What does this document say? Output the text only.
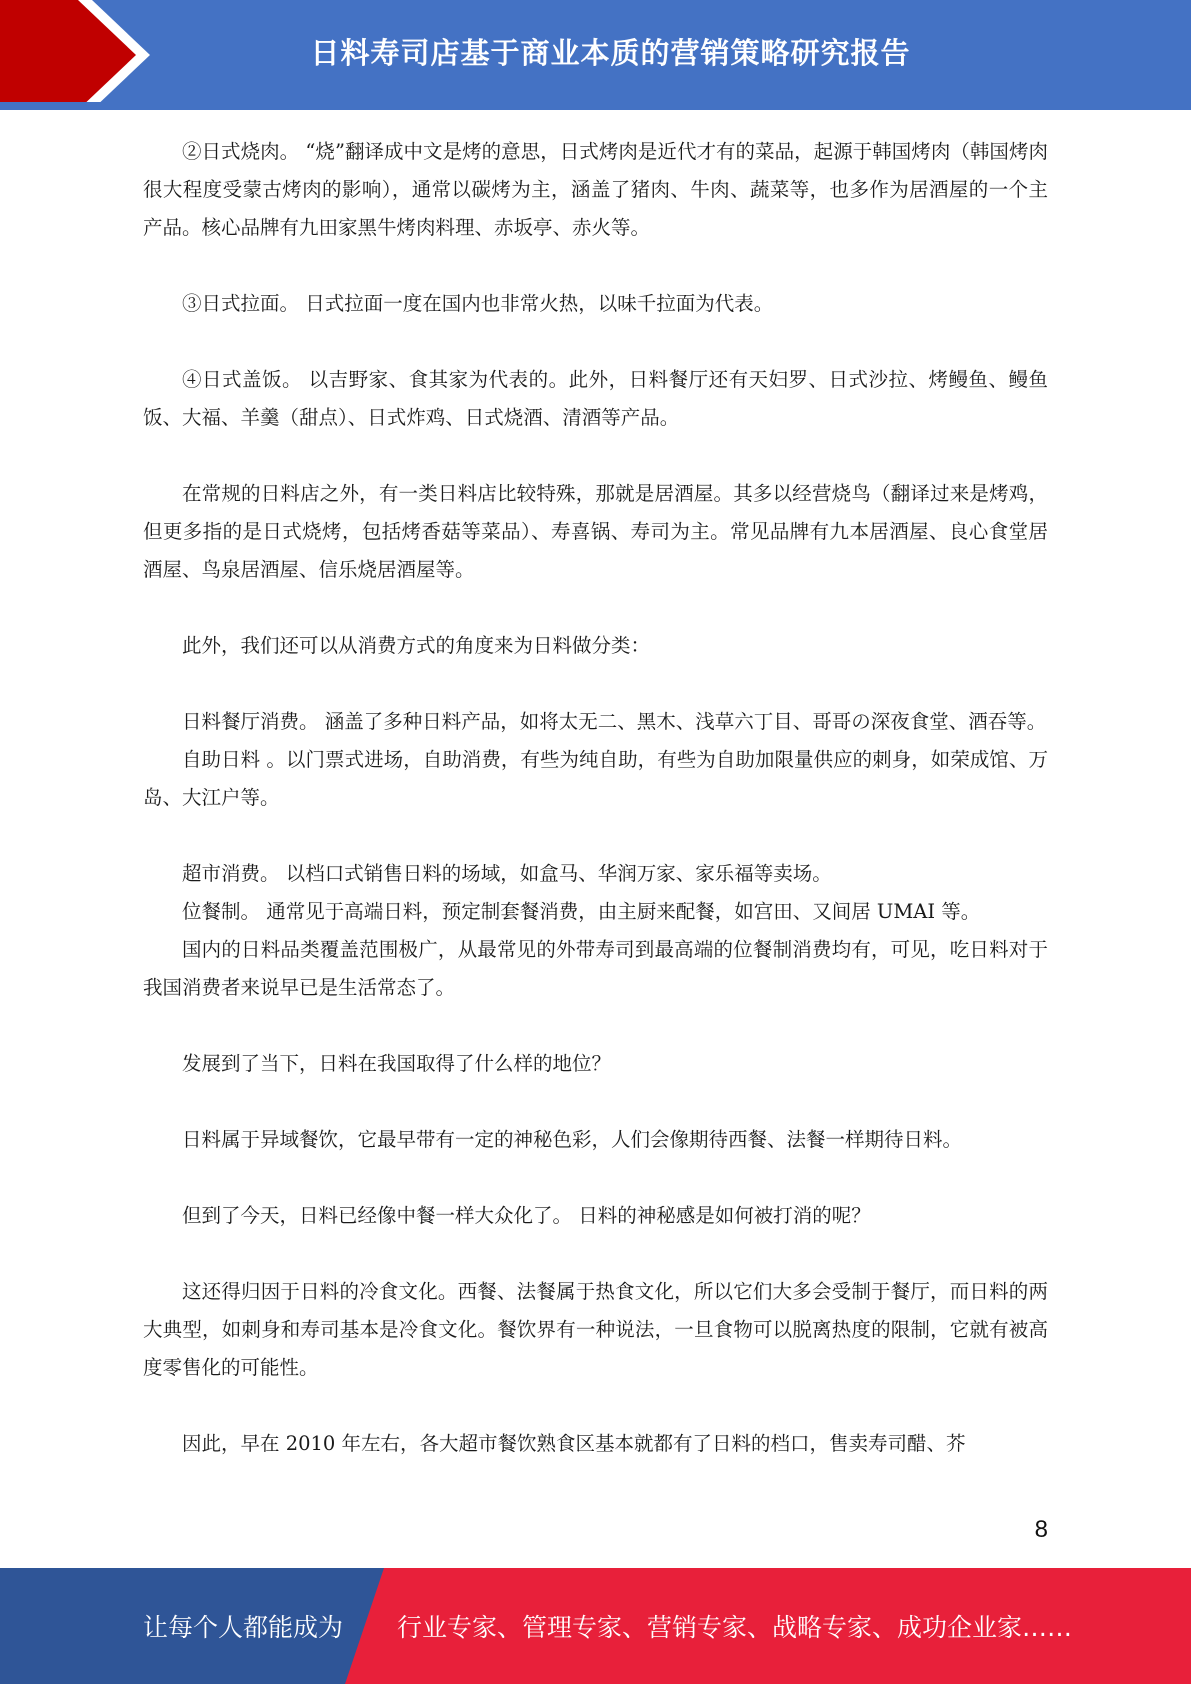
日料寿司店基于商业本质的营销策略研究报告

②日式烧肉。 “烧”翻译成中文是烤的意思，日式烤肉是近代才有的菜品，起源于韩国烤肉（韩国烤肉很大程度受蒙古烤肉的影响），通常以碳烤为主，涵盖了猪肉、牛肉、蔬菜等，也多作为居酒屋的一个主产品。核心品牌有九田家黑牛烤肉料理、赤坂亭、赤火等。

③日式拉面。 日式拉面一度在国内也非常火热，以味千拉面为代表。

④日式盖饭。 以吉野家、食其家为代表的。此外，日料餐厅还有天妇罗、日式沙拉、烤鳗鱼、鳗鱼饭、大福、羊羹（甜点）、日式炸鸡、日式烧酒、清酒等产品。

在常规的日料店之外，有一类日料店比较特殊，那就是居酒屋。其多以经营烧鸟（翻译过来是烤鸡，但更多指的是日式烧烤，包括烤香菇等菜品）、寿喜锅、寿司为主。常见品牌有九本居酒屋、良心食堂居酒屋、鸟泉居酒屋、信乐烧居酒屋等。

此外，我们还可以从消费方式的角度来为日料做分类：

日料餐厅消费。 涵盖了多种日料产品，如将太无二、黑木、浅草六丁目、哥哥の深夜食堂、酒吞等。

自助日料 。以门票式进场，自助消费，有些为纯自助，有些为自助加限量供应的刺身，如荣成馆、万岛、大江户等。

超市消费。 以档口式销售日料的场域，如盒马、华润万家、家乐福等卖场。

位餐制。 通常见于高端日料，预定制套餐消费，由主厨来配餐，如宫田、又间居 UMAI 等。

国内的日料品类覆盖范围极广，从最常见的外带寿司到最高端的位餐制消费均有，可见，吃日料对于我国消费者来说早已是生活常态了。

发展到了当下，日料在我国取得了什么样的地位？

日料属于异域餐饮，它最早带有一定的神秘色彩，人们会像期待西餐、法餐一样期待日料。

但到了今天，日料已经像中餐一样大众化了。 日料的神秘感是如何被打消的呢？

这还得归因于日料的冷食文化。西餐、法餐属于热食文化，所以它们大多会受制于餐厅，而日料的两大典型，如刺身和寿司基本是冷食文化。餐饮界有一种说法，一旦食物可以脱离热度的限制，它就有被高度零售化的可能性。

因此，早在 2010 年左右，各大超市餐饮熟食区基本就都有了日料的档口，售卖寿司醋、芥

8
让每个人都能成为 行业专家、管理专家、营销专家、战略专家、成功企业家……
